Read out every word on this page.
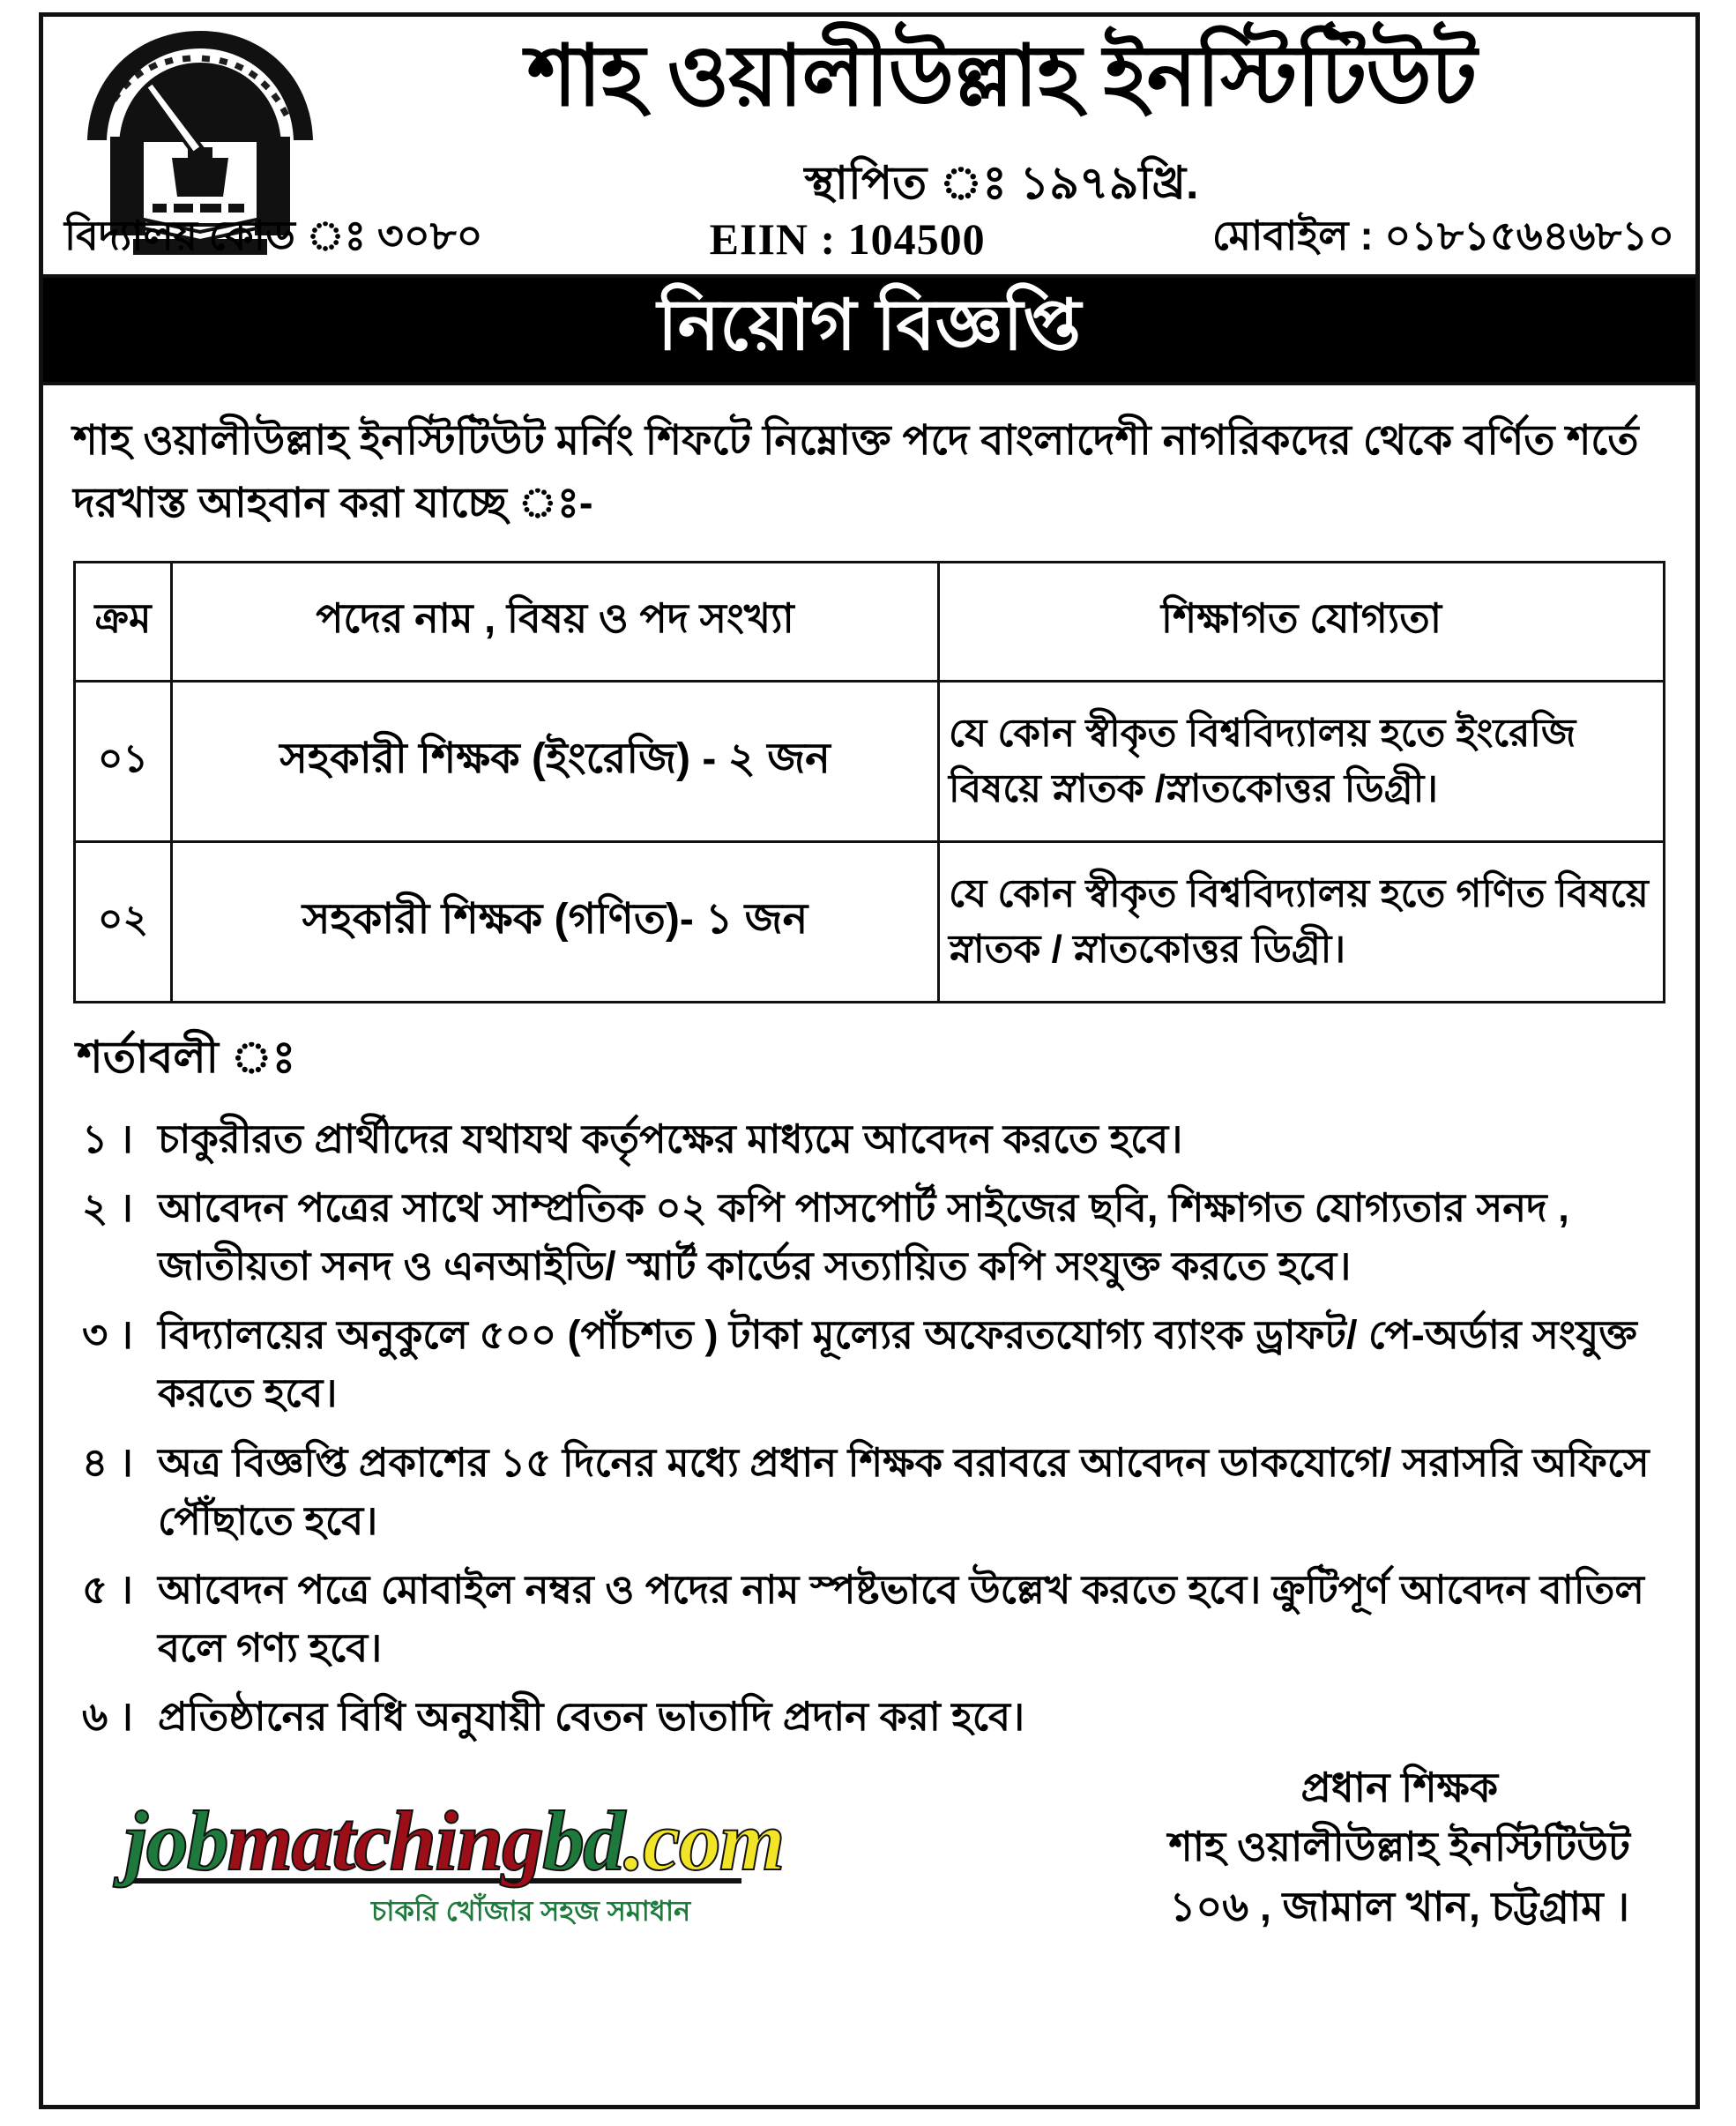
শাহ ওয়ালীউল্লাহ ইনস্টিটিউট
স্থাপিত ঃ ১৯৭৯খ্রি.
বিদ্যালয় কোড ঃ ৩০৮০	EIIN : 104500	মোবাইল : ০১৮১৫৬৪৬৮১০
নিয়োগ বিজ্ঞপ্তি
শাহ ওয়ালীউল্লাহ ইনস্টিটিউট মর্নিং শিফটে নিম্নোক্ত পদে বাংলাদেশী নাগরিকদের থেকে বর্ণিত শর্তে দরখাস্ত আহবান করা যাচ্ছে ঃ-
ক্রম	পদের নাম , বিষয় ও পদ সংখ্যা	শিক্ষাগত যোগ্যতা
০১	সহকারী শিক্ষক (ইংরেজি) - ২ জন	যে কোন স্বীকৃত বিশ্ববিদ্যালয় হতে ইংরেজি বিষয়ে স্নাতক /স্নাতকোত্তর ডিগ্রী।
০২	সহকারী শিক্ষক (গণিত)- ১ জন	যে কোন স্বীকৃত বিশ্ববিদ্যালয় হতে গণিত বিষয়ে স্নাতক / স্নাতকোত্তর ডিগ্রী।
শর্তাবলী ঃ
১ । চাকুরীরত প্রার্থীদের যথাযথ কর্তৃপক্ষের মাধ্যমে আবেদন করতে হবে।
২ । আবেদন পত্রের সাথে সাম্প্রতিক ০২ কপি পাসপোর্ট সাইজের ছবি, শিক্ষাগত যোগ্যতার সনদ , জাতীয়তা সনদ ও এনআইডি/ স্মার্ট কার্ডের সত্যায়িত কপি সংযুক্ত করতে হবে।
৩ । বিদ্যালয়ের অনুকুলে ৫০০ (পাঁচশত ) টাকা মূল্যের অফেরতযোগ্য ব্যাংক ড্রাফট/ পে-অর্ডার সংযুক্ত করতে হবে।
৪ । অত্র বিজ্ঞপ্তি প্রকাশের ১৫ দিনের মধ্যে প্রধান শিক্ষক বরাবরে আবেদন ডাকযোগে/ সরাসরি অফিসে পৌঁছাতে হবে।
৫ । আবেদন পত্রে মোবাইল নম্বর ও পদের নাম স্পষ্টভাবে উল্লেখ করতে হবে। ক্রুটিপূর্ণ আবেদন বাতিল বলে গণ্য হবে।
৬ । প্রতিষ্ঠানের বিধি অনুযায়ী বেতন ভাতাদি প্রদান করা হবে।
প্রধান শিক্ষক
শাহ ওয়ালীউল্লাহ ইনস্টিটিউট
১০৬ , জামাল খান, চট্টগ্রাম ।
jobmatchingbd.com
চাকরি খোঁজার সহজ সমাধান
